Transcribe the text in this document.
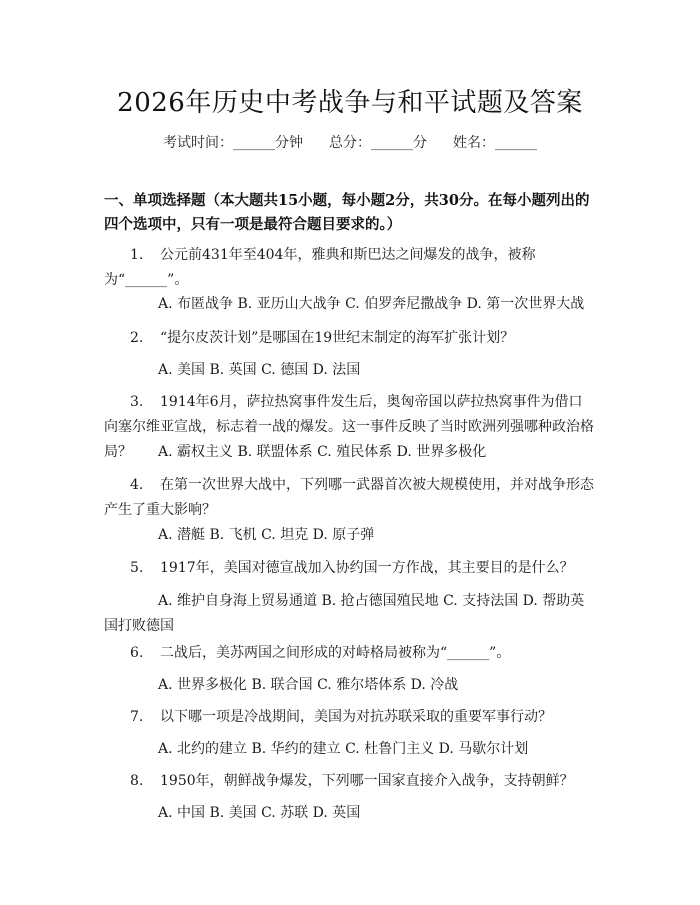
2026年历史中考战争与和平试题及答案
考试时间：______分钟 总分：______分 姓名：______
一、单项选择题（本大题共15小题，每小题2分，共30分。在每小题列出的四个选项中，只有一项是最符合题目要求的。）
1. 公元前431年至404年，雅典和斯巴达之间爆发的战争，被称为“______”。
A. 布匿战争 B. 亚历山大战争 C. 伯罗奔尼撒战争 D. 第一次世界大战
2. “提尔皮茨计划”是哪国在19世纪末制定的海军扩张计划？
A. 美国 B. 英国 C. 德国 D. 法国
3. 1914年6月，萨拉热窝事件发生后，奥匈帝国以萨拉热窝事件为借口向塞尔维亚宣战，标志着一战的爆发。这一事件反映了当时欧洲列强哪种政治格局？	A. 霸权主义 B. 联盟体系 C. 殖民体系 D. 世界多极化
4. 在第一次世界大战中，下列哪一武器首次被大规模使用，并对战争形态产生了重大影响？
A. 潜艇 B. 飞机 C. 坦克 D. 原子弹
5. 1917年，美国对德宣战加入协约国一方作战，其主要目的是什么？
A. 维护自身海上贸易通道 B. 抢占德国殖民地 C. 支持法国 D. 帮助英国打败德国
6. 二战后，美苏两国之间形成的对峙格局被称为“______”。
A. 世界多极化 B. 联合国 C. 雅尔塔体系 D. 冷战
7. 以下哪一项是冷战期间，美国为对抗苏联采取的重要军事行动？
A. 北约的建立 B. 华约的建立 C. 杜鲁门主义 D. 马歇尔计划
8. 1950年，朝鲜战争爆发，下列哪一国家直接介入战争，支持朝鲜？
A. 中国 B. 美国 C. 苏联 D. 英国
